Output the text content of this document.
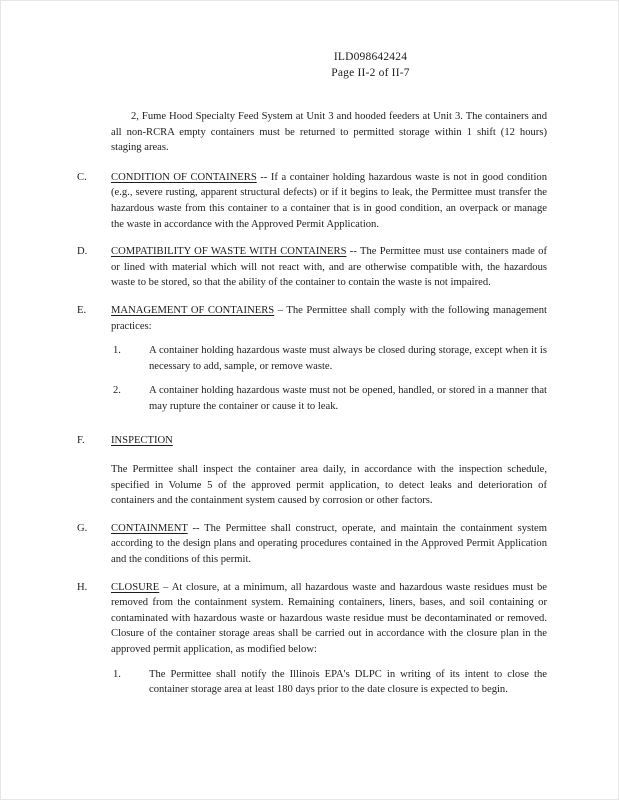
ILD098642424
Page II-2 of II-7
2, Fume Hood Specialty Feed System at Unit 3 and hooded feeders at Unit 3. The containers and all non-RCRA empty containers must be returned to permitted storage within 1 shift (12 hours) staging areas.
C.	CONDITION OF CONTAINERS -- If a container holding hazardous waste is not in good condition (e.g., severe rusting, apparent structural defects) or if it begins to leak, the Permittee must transfer the hazardous waste from this container to a container that is in good condition, an overpack or manage the waste in accordance with the Approved Permit Application.
D.	COMPATIBILITY OF WASTE WITH CONTAINERS -- The Permittee must use containers made of or lined with material which will not react with, and are otherwise compatible with, the hazardous waste to be stored, so that the ability of the container to contain the waste is not impaired.
E.	MANAGEMENT OF CONTAINERS – The Permittee shall comply with the following management practices:
1.	A container holding hazardous waste must always be closed during storage, except when it is necessary to add, sample, or remove waste.
2.	A container holding hazardous waste must not be opened, handled, or stored in a manner that may rupture the container or cause it to leak.
F.	INSPECTION
The Permittee shall inspect the container area daily, in accordance with the inspection schedule, specified in Volume 5 of the approved permit application, to detect leaks and deterioration of containers and the containment system caused by corrosion or other factors.
G.	CONTAINMENT -- The Permittee shall construct, operate, and maintain the containment system according to the design plans and operating procedures contained in the Approved Permit Application and the conditions of this permit.
H.	CLOSURE – At closure, at a minimum, all hazardous waste and hazardous waste residues must be removed from the containment system. Remaining containers, liners, bases, and soil containing or contaminated with hazardous waste or hazardous waste residue must be decontaminated or removed. Closure of the container storage areas shall be carried out in accordance with the closure plan in the approved permit application, as modified below:
1.	The Permittee shall notify the Illinois EPA's DLPC in writing of its intent to close the container storage area at least 180 days prior to the date closure is expected to begin.
